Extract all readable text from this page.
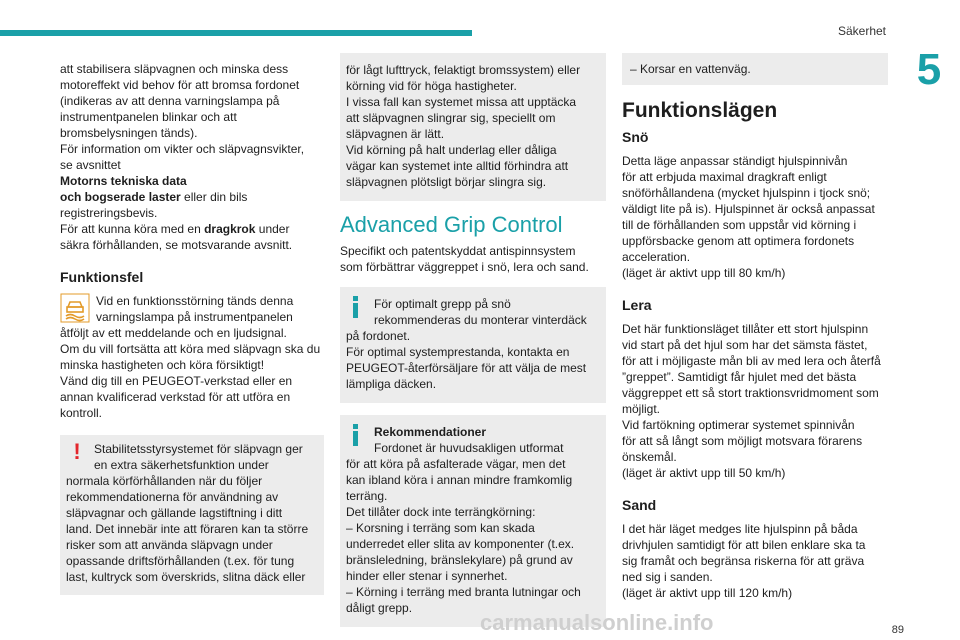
Säkerhet
5

att stabilisera släpvagnen och minska dess

motoreffekt vid behov för att bromsa fordonet

(indikeras av att denna varningslampa på

instrumentpanelen blinkar och att

bromsbelysningen tänds).

För information om vikter och släpvagnsvikter,

se avsnittet

Motorns tekniska data

och bogserade laster eller din bils

registreringsbevis.

För att kunna köra med en dragkrok under

säkra förhållanden, se motsvarande avsnitt.

Funktionsfel

Vid en funktionsstörning tänds denna

varningslampa på instrumentpanelen

åtföljt av ett meddelande och en ljudsignal.

Om du vill fortsätta att köra med släpvagn ska du

minska hastigheten och köra försiktigt!

Vänd dig till en PEUGEOT-verkstad eller en

annan kvalificerad verkstad för att utföra en

kontroll.

!	Stabilitetsstyrsystemet för släpvagn ger

en extra säkerhetsfunktion under

normala körförhållanden när du följer

rekommendationerna för användning av

släpvagnar och gällande lagstiftning i ditt

land. Det innebär inte att föraren kan ta större

risker som att använda släpvagn under

opassande driftsförhållanden (t.ex. för tung

last, kultryck som överskrids, slitna däck eller

för lågt lufttryck, felaktigt bromssystem) eller

körning vid för höga hastigheter.

I vissa fall kan systemet missa att upptäcka

att släpvagnen slingrar sig, speciellt om

släpvagnen är lätt.

Vid körning på halt underlag eller dåliga

vägar kan systemet inte alltid förhindra att

släpvagnen plötsligt börjar slingra sig.

Advanced Grip Control

Specifikt och patentskyddat antispinnsystem

som förbättrar väggreppet i snö, lera och sand.

För optimalt grepp på snö

rekommenderas du monterar vinterdäck

på fordonet.

För optimal systemprestanda, kontakta en

PEUGEOT-återförsäljare för att välja de mest

lämpliga däcken.

Rekommendationer

Fordonet är huvudsakligen utformat

för att köra på asfalterade vägar, men det

kan ibland köra i annan mindre framkomlig

terräng.

Det tillåter dock inte terrängkörning:

– Korsning i terräng som kan skada

underredet eller slita av komponenter (t.ex.

bränsleledning, bränslekylare) på grund av

hinder eller stenar i synnerhet.

– Körning i terräng med branta lutningar och

dåligt grepp.

– Korsar en vattenväg.

Funktionslägen
Snö

Detta läge anpassar ständigt hjulspinnivån

för att erbjuda maximal dragkraft enligt

snöförhållandena (mycket hjulspinn i tjock snö;

väldigt lite på is). Hjulspinnet är också anpassat

till de förhållanden som uppstår vid körning i

uppförsbacke genom att optimera fordonets

acceleration.

(läget är aktivt upp till 80 km/h)

Lera

Det här funktionsläget tillåter ett stort hjulspinn

vid start på det hjul som har det sämsta fästet,

för att i möjligaste mån bli av med lera och återfå

”greppet”. Samtidigt får hjulet med det bästa

väggreppet ett så stort traktionsvridmoment som

möjligt.

Vid fartökning optimerar systemet spinnivån

för att så långt som möjligt motsvara förarens

önskemål.

(läget är aktivt upp till 50 km/h)

Sand

I det här läget medges lite hjulspinn på båda

drivhjulen samtidigt för att bilen enklare ska ta

sig framåt och begränsa riskerna för att gräva

ned sig i sanden.

(läget är aktivt upp till 120 km/h)

carmanualsonline.info	89
